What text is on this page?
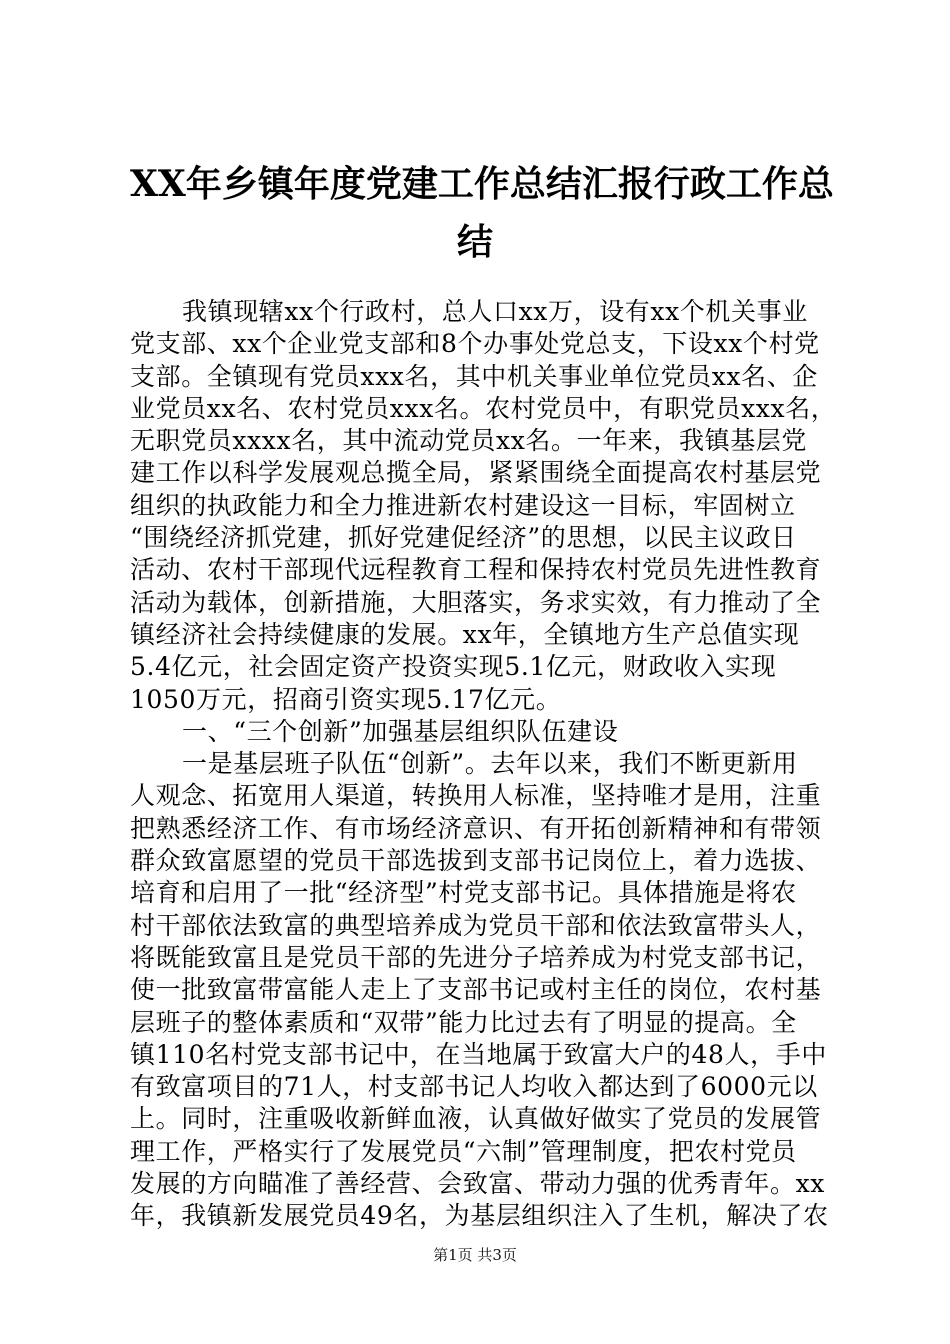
XX年乡镇年度党建工作总结汇报行政工作总
结
我镇现辖xx个行政村，总人口xx万，设有xx个机关事业
党支部、xx个企业党支部和8个办事处党总支，下设xx个村党
支部。全镇现有党员xxx名，其中机关事业单位党员xx名、企
业党员xx名、农村党员xxx名。农村党员中，有职党员xxx名，
无职党员xxxx名，其中流动党员xx名。一年来，我镇基层党
建工作以科学发展观总揽全局，紧紧围绕全面提高农村基层党
组织的执政能力和全力推进新农村建设这一目标，牢固树立
“围绕经济抓党建，抓好党建促经济”的思想，以民主议政日
活动、农村干部现代远程教育工程和保持农村党员先进性教育
活动为载体，创新措施，大胆落实，务求实效，有力推动了全
镇经济社会持续健康的发展。xx年，全镇地方生产总值实现
5.4亿元，社会固定资产投资实现5.1亿元，财政收入实现
1050万元，招商引资实现5.17亿元。
一、“三个创新”加强基层组织队伍建设
一是基层班子队伍“创新”。去年以来，我们不断更新用
人观念、拓宽用人渠道，转换用人标准，坚持唯才是用，注重
把熟悉经济工作、有市场经济意识、有开拓创新精神和有带领
群众致富愿望的党员干部选拔到支部书记岗位上，着力选拔、
培育和启用了一批“经济型”村党支部书记。具体措施是将农
村干部依法致富的典型培养成为党员干部和依法致富带头人，
将既能致富且是党员干部的先进分子培养成为村党支部书记，
使一批致富带富能人走上了支部书记或村主任的岗位，农村基
层班子的整体素质和“双带”能力比过去有了明显的提高。全
镇110名村党支部书记中，在当地属于致富大户的48人，手中
有致富项目的71人，村支部书记人均收入都达到了6000元以
上。同时，注重吸收新鲜血液，认真做好做实了党员的发展管
理工作，严格实行了发展党员“六制”管理制度，把农村党员
发展的方向瞄准了善经营、会致富、带动力强的优秀青年。xx
年，我镇新发展党员49名，为基层组织注入了生机，解决了农
第1页 共3页
